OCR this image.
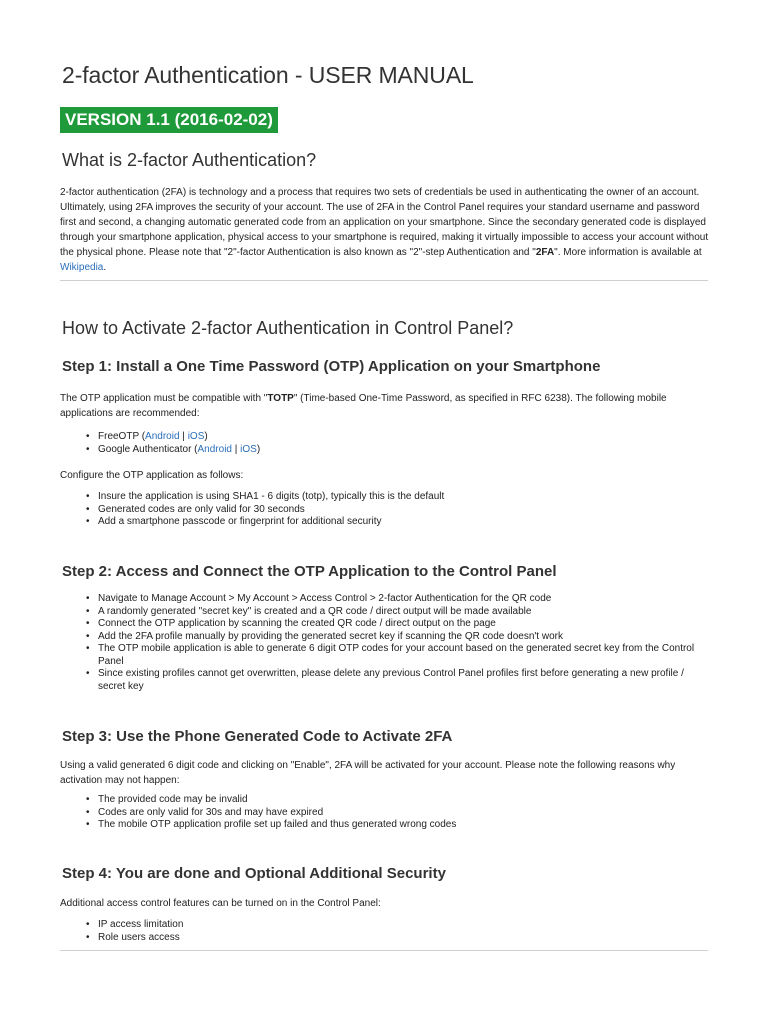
2-factor Authentication - USER MANUAL
VERSION 1.1 (2016-02-02)
What is 2-factor Authentication?

2-factor authentication (2FA) is technology and a process that requires two sets of credentials be used in authenticating the owner of an account. Ultimately, using 2FA improves the security of your account. The use of 2FA in the Control Panel requires your standard username and password first and second, a changing automatic generated code from an application on your smartphone. Since the secondary generated code is displayed through your smartphone application, physical access to your smartphone is required, making it virtually impossible to access your account without the physical phone. Please note that "2"-factor Authentication is also known as "2"-step Authentication and "2FA". More information is available at Wikipedia.

How to Activate 2-factor Authentication in Control Panel?
Step 1: Install a One Time Password (OTP) Application on your Smartphone

The OTP application must be compatible with "TOTP" (Time-based One-Time Password, as specified in RFC 6238). The following mobile applications are recommended:

• FreeOTP (Android | iOS)
• Google Authenticator (Android | iOS)

Configure the OTP application as follows:

• Insure the application is using SHA1 - 6 digits (totp), typically this is the default
• Generated codes are only valid for 30 seconds
• Add a smartphone passcode or fingerprint for additional security
Step 2: Access and Connect the OTP Application to the Control Panel
• Navigate to Manage Account > My Account > Access Control > 2-factor Authentication for the QR code
• A randomly generated "secret key" is created and a QR code / direct output will be made available
• Connect the OTP application by scanning the created QR code / direct output on the page
• Add the 2FA profile manually by providing the generated secret key if scanning the QR code doesn't work
• The OTP mobile application is able to generate 6 digit OTP codes for your account based on the generated secret key from the Control Panel
• Since existing profiles cannot get overwritten, please delete any previous Control Panel profiles first before generating a new profile / secret key
Step 3: Use the Phone Generated Code to Activate 2FA

Using a valid generated 6 digit code and clicking on "Enable", 2FA will be activated for your account. Please note the following reasons why activation may not happen:

• The provided code may be invalid
• Codes are only valid for 30s and may have expired
• The mobile OTP application profile set up failed and thus generated wrong codes
Step 4: You are done and Optional Additional Security

Additional access control features can be turned on in the Control Panel:

• IP access limitation
• Role users access
